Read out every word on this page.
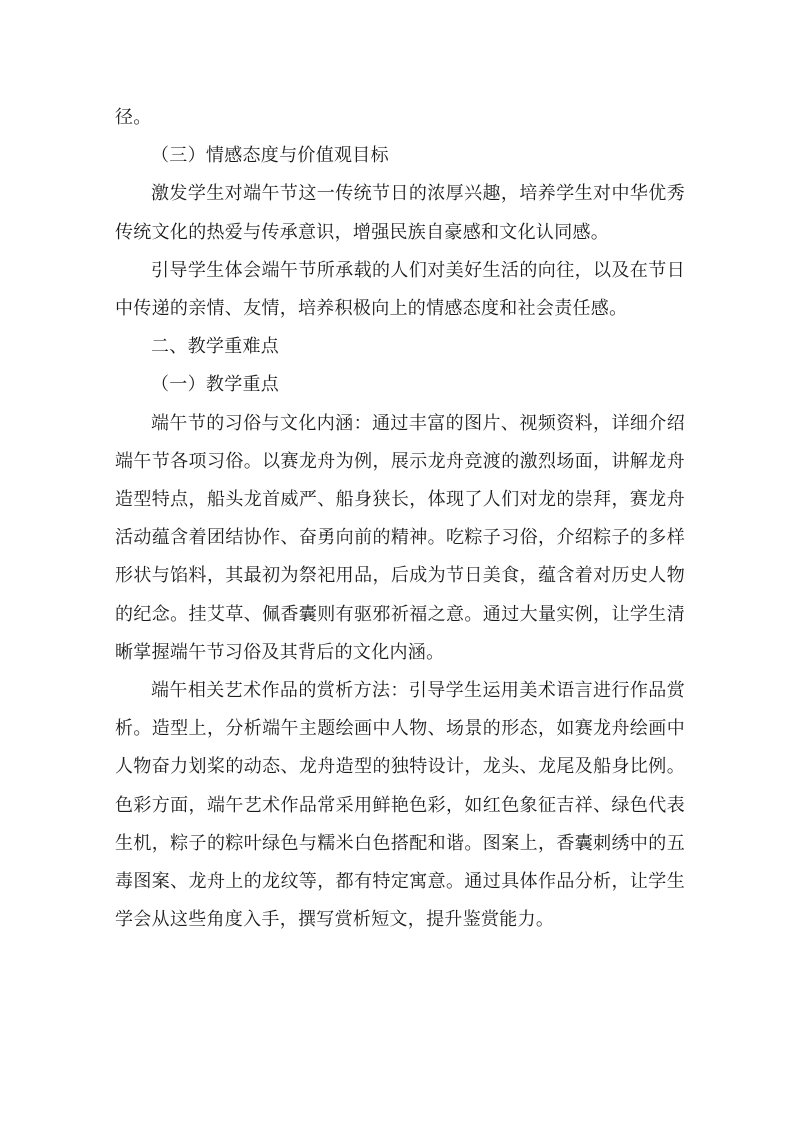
径。

（三）情感态度与价值观目标

激发学生对端午节这一传统节日的浓厚兴趣，培养学生对中华优秀传统文化的热爱与传承意识，增强民族自豪感和文化认同感。

引导学生体会端午节所承载的人们对美好生活的向往，以及在节日中传递的亲情、友情，培养积极向上的情感态度和社会责任感。

二、教学重难点

（一）教学重点

端午节的习俗与文化内涵：通过丰富的图片、视频资料，详细介绍端午节各项习俗。以赛龙舟为例，展示龙舟竞渡的激烈场面，讲解龙舟造型特点，船头龙首威严、船身狭长，体现了人们对龙的崇拜，赛龙舟活动蕴含着团结协作、奋勇向前的精神。吃粽子习俗，介绍粽子的多样形状与馅料，其最初为祭祀用品，后成为节日美食，蕴含着对历史人物的纪念。挂艾草、佩香囊则有驱邪祈福之意。通过大量实例，让学生清晰掌握端午节习俗及其背后的文化内涵。

端午相关艺术作品的赏析方法：引导学生运用美术语言进行作品赏析。造型上，分析端午主题绘画中人物、场景的形态，如赛龙舟绘画中人物奋力划桨的动态、龙舟造型的独特设计，龙头、龙尾及船身比例。色彩方面，端午艺术作品常采用鲜艳色彩，如红色象征吉祥、绿色代表生机，粽子的粽叶绿色与糯米白色搭配和谐。图案上，香囊刺绣中的五毒图案、龙舟上的龙纹等，都有特定寓意。通过具体作品分析，让学生学会从这些角度入手，撰写赏析短文，提升鉴赏能力。
